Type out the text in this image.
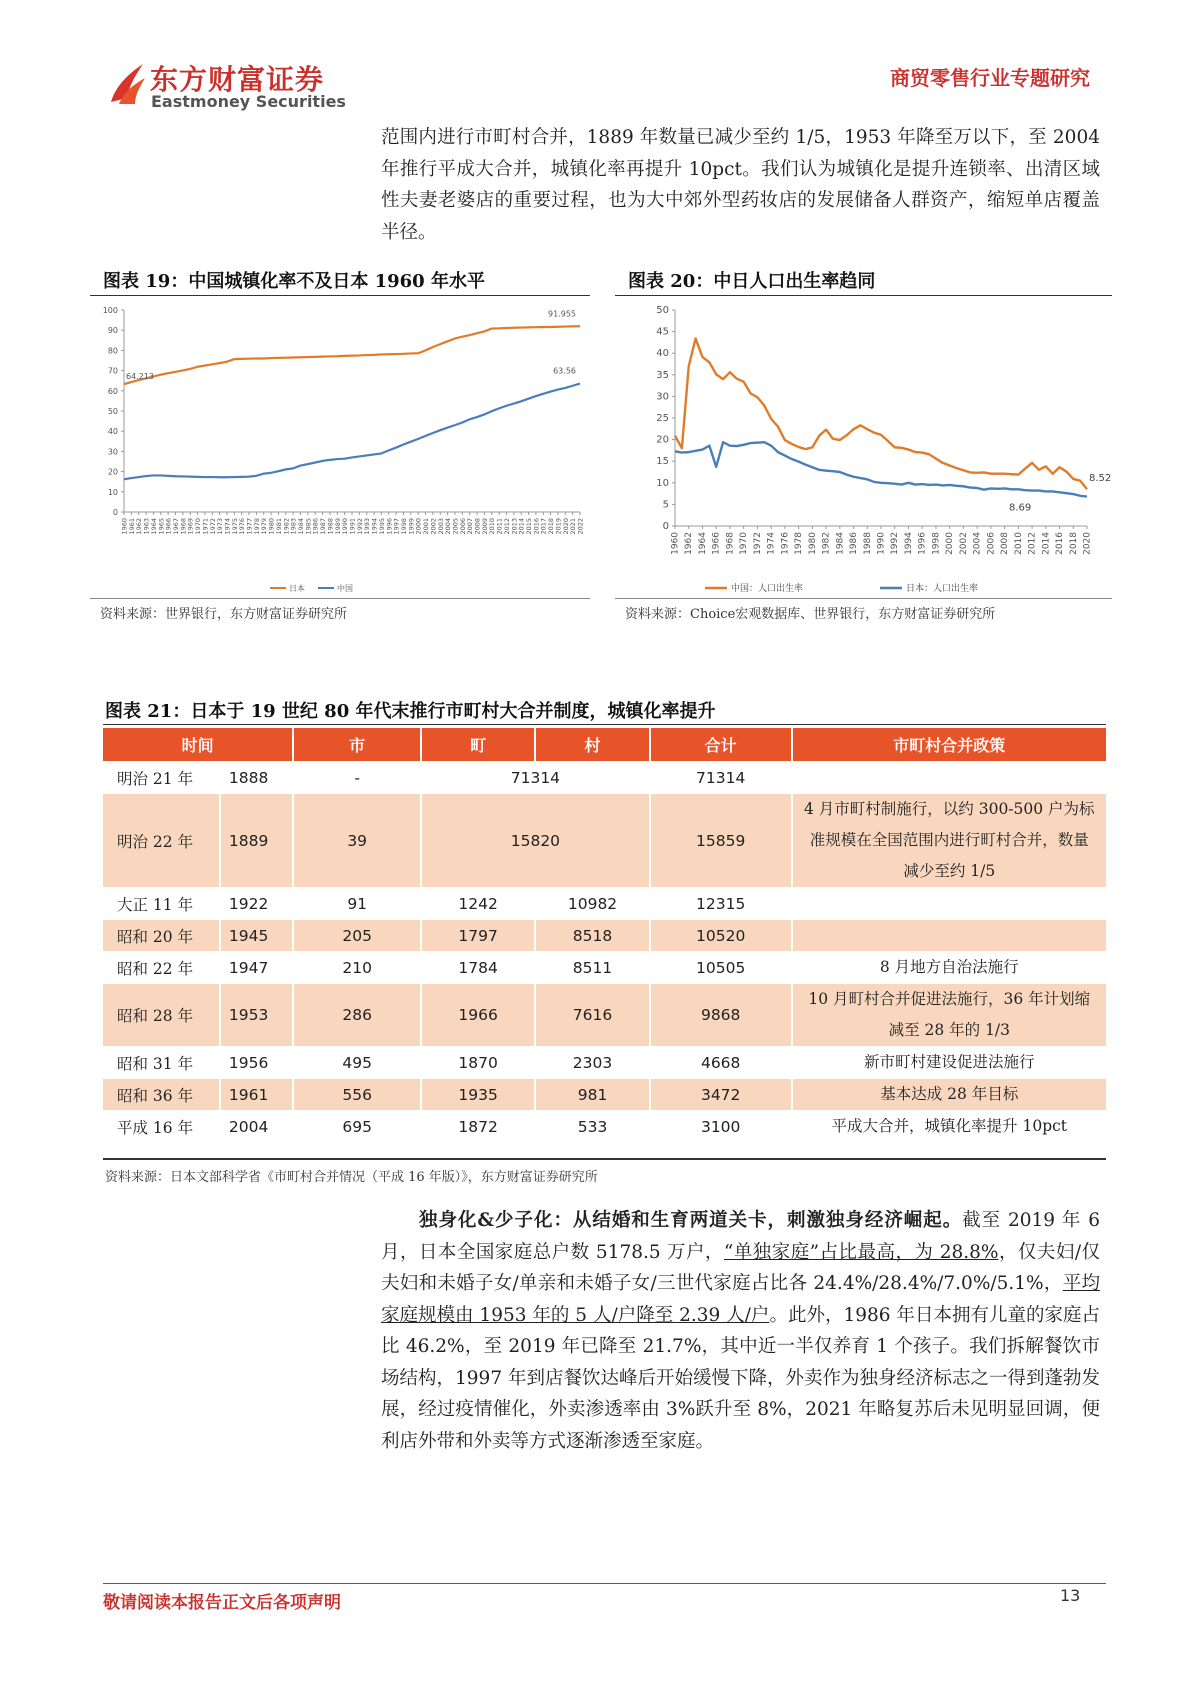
东方财富证券
Eastmoney Securities
商贸零售行业专题研究
范围内进行市町村合并，1889 年数量已减少至约 1/5，1953 年降至万以下，至 2004 年推行平成大合并，城镇化率再提升 10pct。我们认为城镇化是提升连锁率、出清区域性夫妻老婆店的重要过程，也为大中郊外型药妆店的发展储备人群资产，缩短单店覆盖半径。
图表 19：中国城镇化率不及日本 1960 年水平
0
10
20
30
40
50
60
70
80
90
100
1960 1961 1962 1963 1964 1965 1966 1967 1968 1969 1970 1971 1972 1973 1974 1975 1976 1977 1978 1979 1980 1981 1982 1983 1984 1985 1986 1987 1988 1989 1990 1991 1992 1993 1994 1995 1996 1997 1998 1999 2000 2001 2002 2003 2004 2005 2006 2007 2008 2009 2010 2011 2012 2013 2014 2015 2016 2017 2018 2019 2020 2021 2022
64.213
91.955
63.56
日本	中国
资料来源：世界银行，东方财富证券研究所
图表 20：中日人口出生率趋同
0
5
10
15
20
25
30
35
40
45
50
1960 1962 1964 1966 1968 1970 1972 1974 1976 1978 1980 1982 1984 1986 1988 1990 1992 1994 1996 1998 2000 2002 2004 2006 2008 2010 2012 2014 2016 2018 2020
8.52
8.69
中国：人口出生率	日本：人口出生率
资料来源：Choice宏观数据库、世界银行，东方财富证券研究所
图表 21：日本于 19 世纪 80 年代末推行市町村大合并制度，城镇化率提升
时间		市	町	村	合计	市町村合并政策
明治 21 年	1888	-	71314		71314	
明治 22 年	1889	39	15820		15859	4 月市町村制施行，以约 300-500 户为标准规模在全国范围内进行町村合并，数量减少至约 1/5
大正 11 年	1922	91	1242	10982	12315	
昭和 20 年	1945	205	1797	8518	10520	
昭和 22 年	1947	210	1784	8511	10505	8 月地方自治法施行
昭和 28 年	1953	286	1966	7616	9868	10 月町村合并促进法施行，36 年计划缩减至 28 年的 1/3
昭和 31 年	1956	495	1870	2303	4668	新市町村建设促进法施行
昭和 36 年	1961	556	1935	981	3472	基本达成 28 年目标
平成 16 年	2004	695	1872	533	3100	平成大合并，城镇化率提升 10pct
资料来源：日本文部科学省《市町村合并情况（平成 16 年版）》，东方财富证券研究所
独身化&少子化：从结婚和生育两道关卡，刺激独身经济崛起。截至 2019 年 6 月，日本全国家庭总户数 5178.5 万户，“单独家庭”占比最高，为 28.8%，仅夫妇/仅夫妇和未婚子女/单亲和未婚子女/三世代家庭占比各 24.4%/28.4%/7.0%/5.1%，平均家庭规模由 1953 年的 5 人/户降至 2.39 人/户。此外，1986 年日本拥有儿童的家庭占比 46.2%，至 2019 年已降至 21.7%，其中近一半仅养育 1 个孩子。我们拆解餐饮市场结构，1997 年到店餐饮达峰后开始缓慢下降，外卖作为独身经济标志之一得到蓬勃发展，经过疫情催化，外卖渗透率由 3%跃升至 8%，2021 年略复苏后未见明显回调，便利店外带和外卖等方式逐渐渗透至家庭。
敬请阅读本报告正文后各项声明	13
